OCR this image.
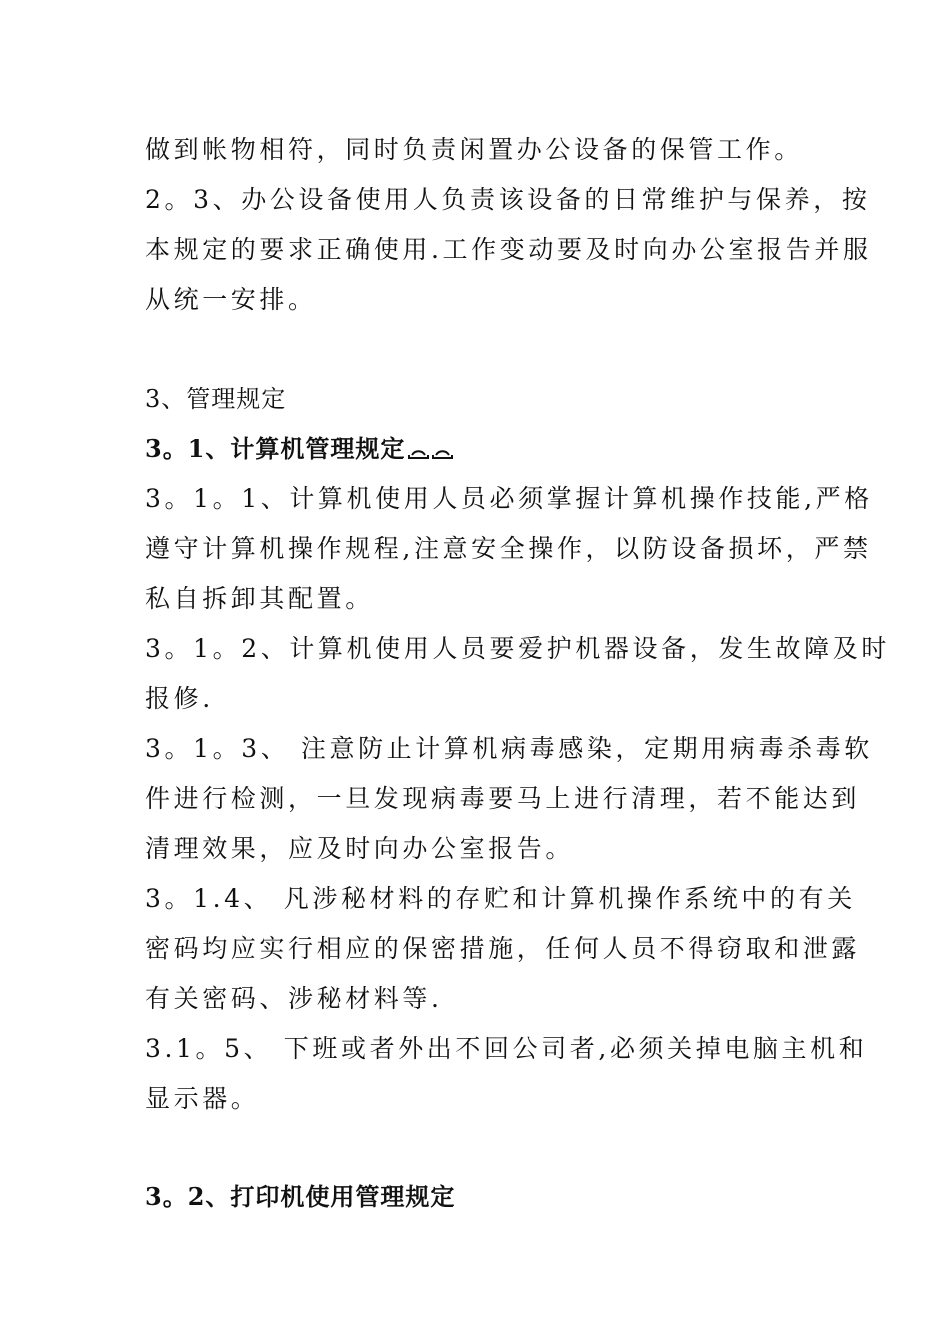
做到帐物相符，同时负责闲置办公设备的保管工作。
2。3、办公设备使用人负责该设备的日常维护与保养，按
本规定的要求正确使用.工作变动要及时向办公室报告并服
从统一安排。
3、管理规定
3。1、计算机管理规定
3。1。1、计算机使用人员必须掌握计算机操作技能,严格
遵守计算机操作规程,注意安全操作，以防设备损坏，严禁
私自拆卸其配置。
3。1。2、计算机使用人员要爱护机器设备，发生故障及时
报修.
3。1。3、 注意防止计算机病毒感染，定期用病毒杀毒软
件进行检测，一旦发现病毒要马上进行清理，若不能达到
清理效果，应及时向办公室报告。
3。1.4、 凡涉秘材料的存贮和计算机操作系统中的有关
密码均应实行相应的保密措施，任何人员不得窃取和泄露
有关密码、涉秘材料等.
3.1。5、 下班或者外出不回公司者,必须关掉电脑主机和
显示器。
3。2、打印机使用管理规定
